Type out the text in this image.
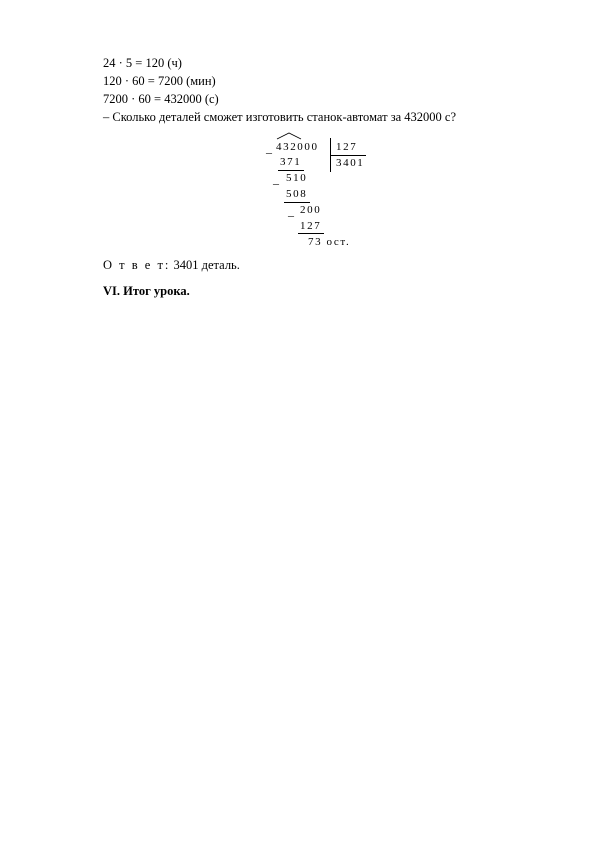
24 · 5 = 120 (ч)
120 · 60 = 7200 (мин)
7200 · 60 = 432000 (с)
– Сколько деталей сможет изготовить станок-автомат за 432000 с?
– 432000 127
3401
371
– 510
508
– 200
127
73 ост.
О т в е т: 3401 деталь.
VI. Итог урока.
